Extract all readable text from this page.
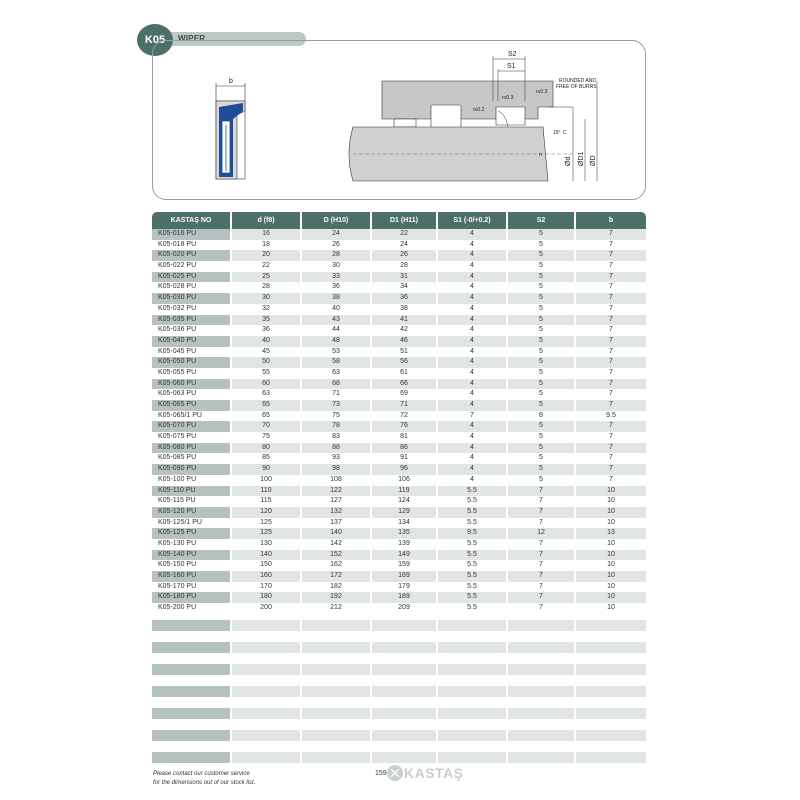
WIPER
K05
b
S2
S1
ROUNDED AND
FREE OF BURRS
r≤0.3
r≤0.3
r≤0.2
15° C
n
Ød ØD1 ØD
KASTAŞ NO	d (f8)	D (H10)	D1 (H11)	S1 (-0/+0.2)	S2	b
K05-016 PU	16	24	22	4	5	7
K05-018 PU	18	26	24	4	5	7
K05-020 PU	20	28	26	4	5	7
K05-022 PU	22	30	28	4	5	7
K05-025 PU	25	33	31	4	5	7
K05-028 PU	28	36	34	4	5	7
K05-030 PU	30	38	36	4	5	7
K05-032 PU	32	40	38	4	5	7
K05-035 PU	35	43	41	4	5	7
K05-036 PU	36	44	42	4	5	7
K05-040 PU	40	48	46	4	5	7
K05-045 PU	45	53	51	4	5	7
K05-050 PU	50	58	56	4	5	7
K05-055 PU	55	63	61	4	5	7
K05-060 PU	60	68	66	4	5	7
K05-063 PU	63	71	69	4	5	7
K05-065 PU	65	73	71	4	5	7
K05-065/1 PU	65	75	72	7	8	9.5
K05-070 PU	70	78	76	4	5	7
K05-075 PU	75	83	81	4	5	7
K05-080 PU	80	88	86	4	5	7
K05-085 PU	85	93	91	4	5	7
K05-090 PU	90	98	96	4	5	7
K05-100 PU	100	108	106	4	5	7
K05-110 PU	110	122	119	5.5	7	10
K05-115 PU	115	127	124	5.5	7	10
K05-120 PU	120	132	129	5.5	7	10
K05-125/1 PU	125	137	134	5.5	7	10
K05-125 PU	125	140	135	9.5	12	13
K05-130 PU	130	142	139	5.5	7	10
K05-140 PU	140	152	149	5.5	7	10
K05-150 PU	150	162	159	5.5	7	10
K05-160 PU	160	172	169	5.5	7	10
K05-170 PU	170	182	179	5.5	7	10
K05-180 PU	180	192	189	5.5	7	10
K05-200 PU	200	212	209	5.5	7	10
Please contact our customer service
for the dimensions out of our stock list.
159 KASTAŞ
